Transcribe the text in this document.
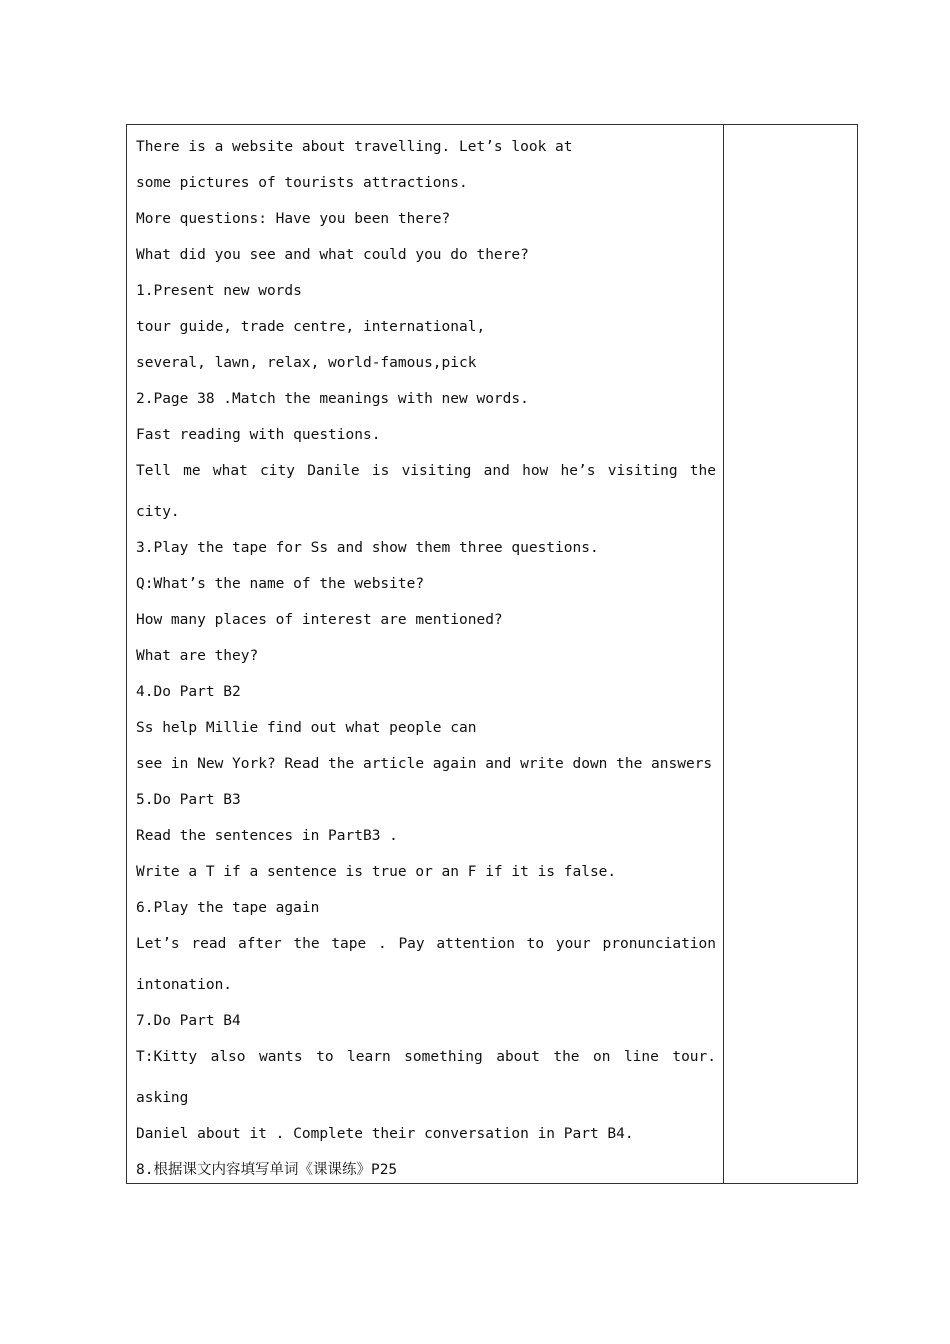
There is a website about travelling. Let’s look at
some pictures of tourists attractions.
More questions: Have you been there?
What did you see and what could you do there?
1.Present new words
tour guide, trade centre, international,
several, lawn, relax, world-famous,pick
2.Page 38 .Match the meanings with new words.
Fast reading with questions.
Tell me what city Danile is visiting and how he’s visiting the
city.
3.Play the tape for Ss and show them three questions.
Q:What’s the name of the website?
How many places of interest are mentioned?
What are they?
4.Do Part B2
Ss help Millie find out what people can
see in New York? Read the article again and write down the answers
5.Do Part B3
Read the sentences in PartB3 .
Write a T if a sentence is true or an F if it is false.
6.Play the tape again
Let’s read after the tape . Pay attention to your pronunciation
intonation.
7.Do Part B4
T:Kitty also wants to learn something about the on line tour.
asking
Daniel about it . Complete their conversation in Part B4.
8.根据课文内容填写单词《课课练》P25
